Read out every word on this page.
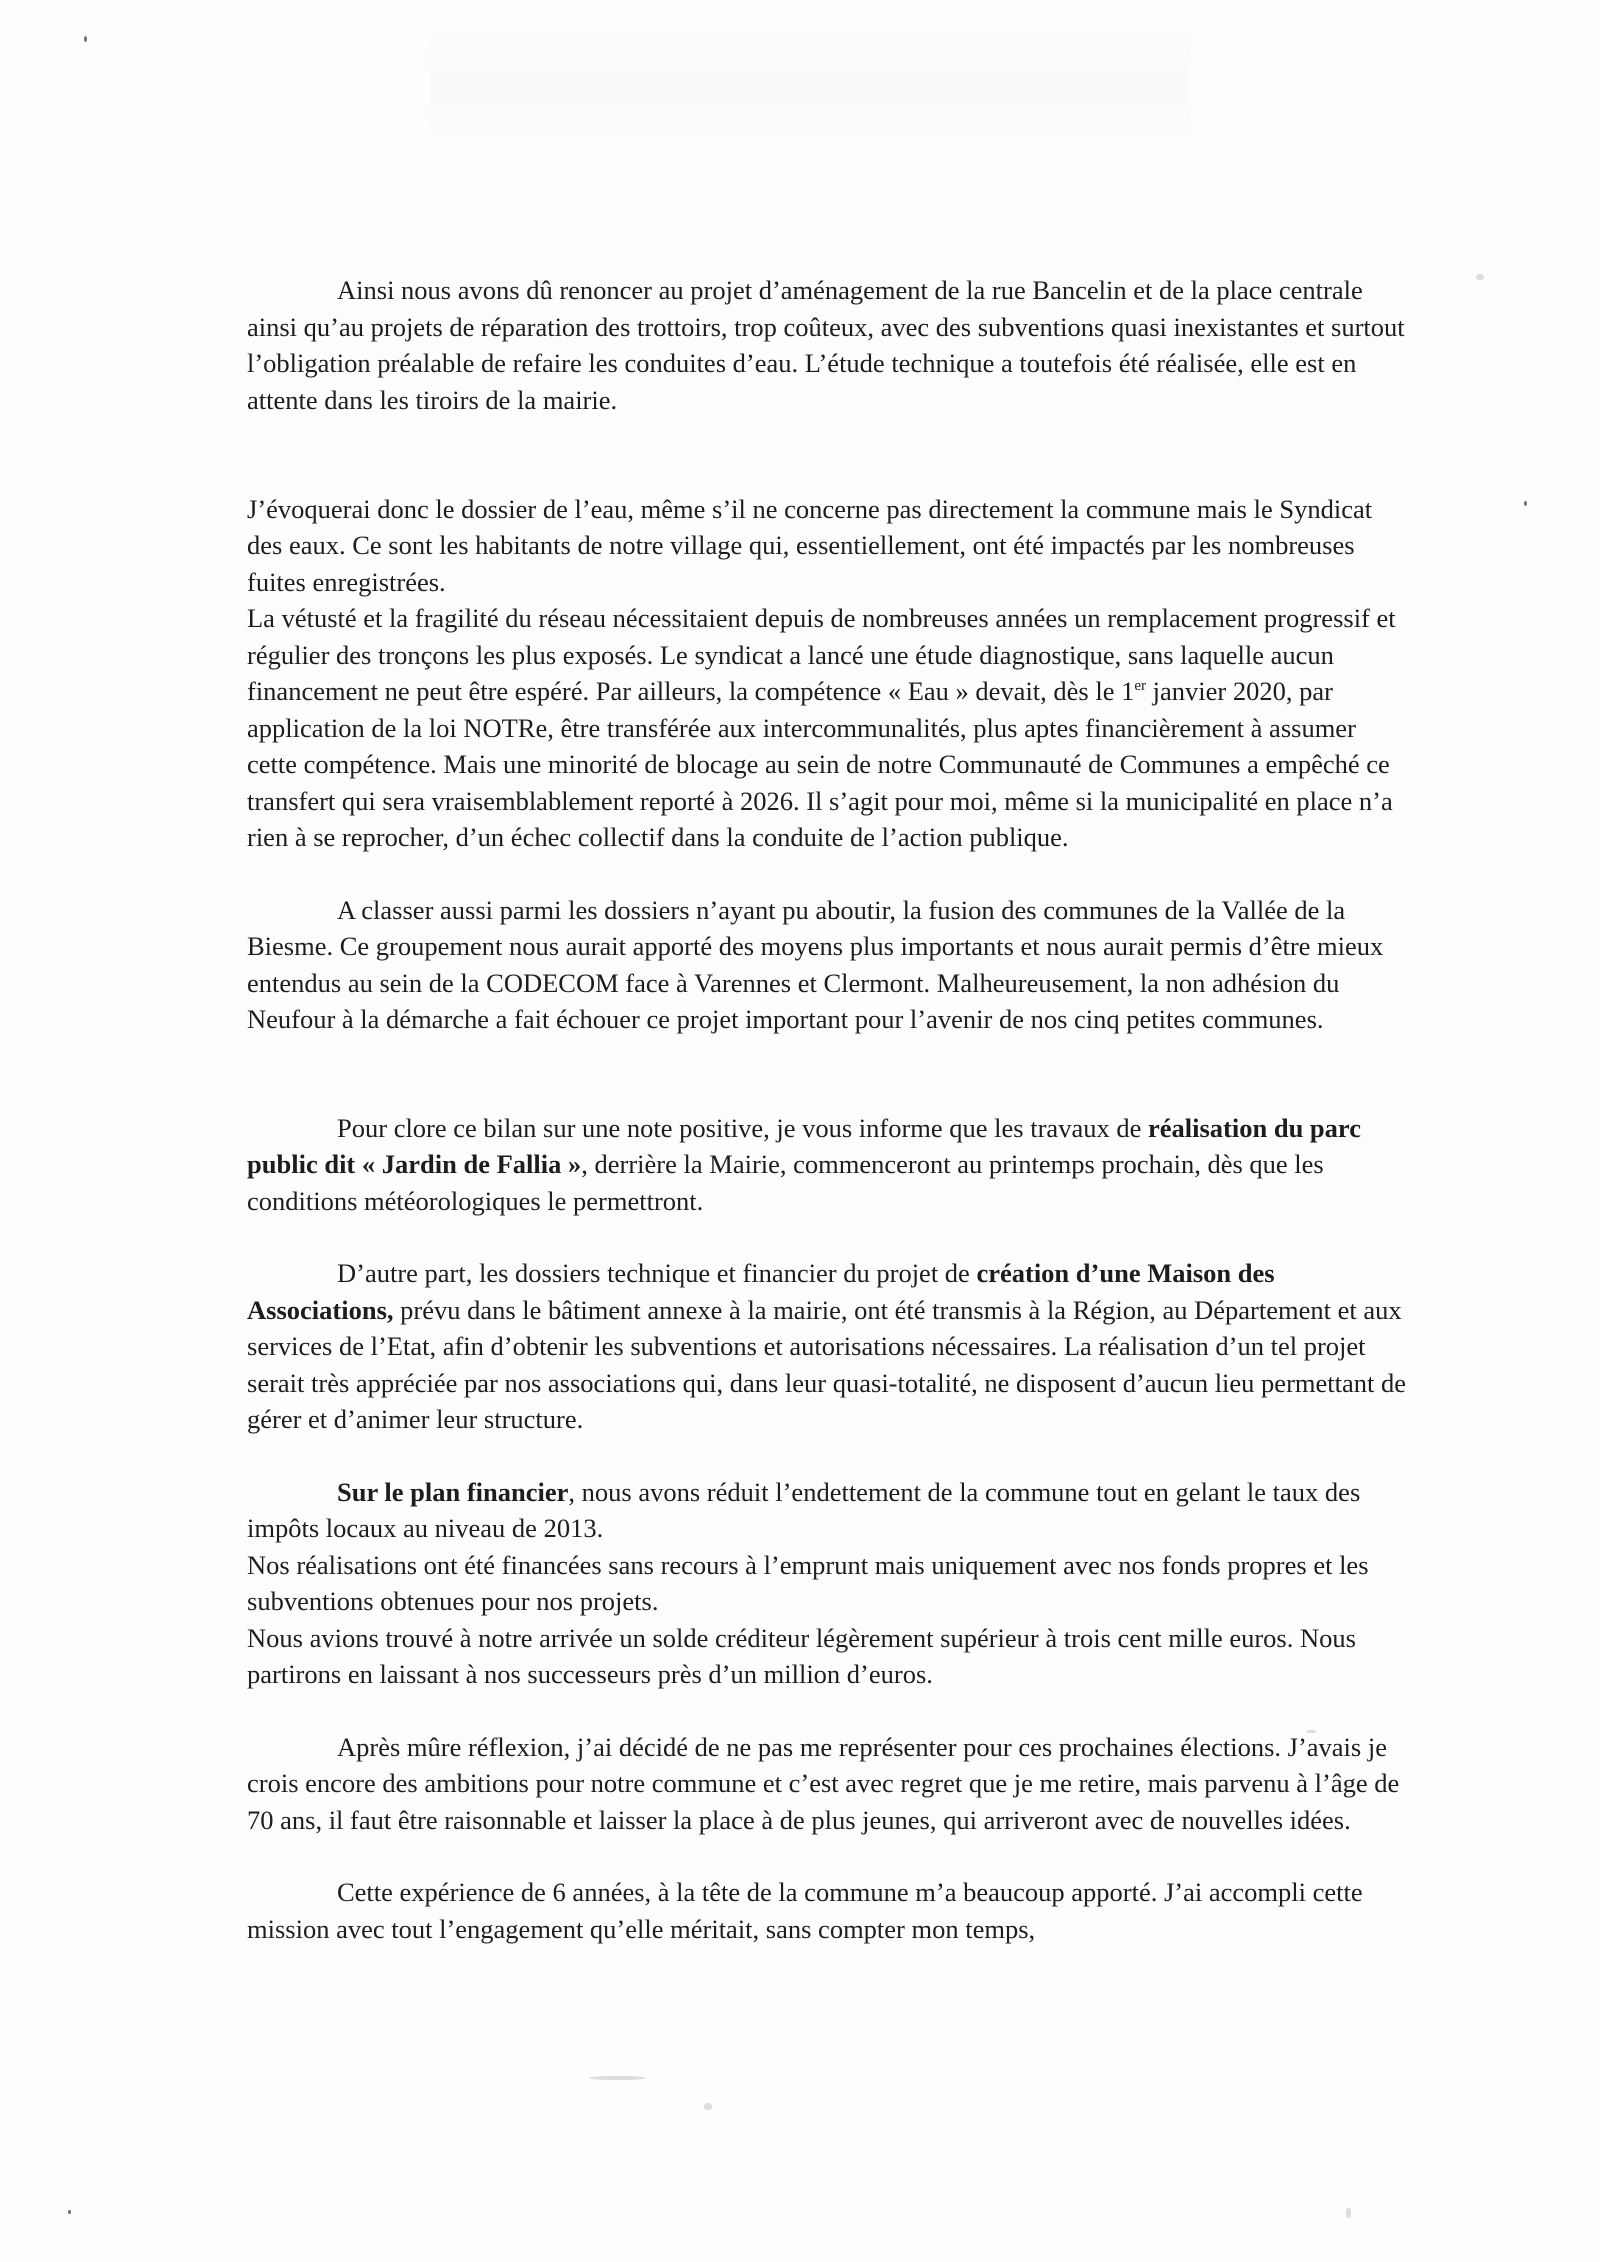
Ainsi nous avons dû renoncer au projet d’aménagement de la rue Bancelin et de la place centrale ainsi qu’au projets de réparation des trottoirs, trop coûteux, avec des subventions quasi inexistantes et surtout l’obligation préalable de refaire les conduites d’eau. L’étude technique a toutefois été réalisée, elle est en attente dans les tiroirs de la mairie.

J’évoquerai donc le dossier de l’eau, même s’il ne concerne pas directement la commune mais le Syndicat des eaux. Ce sont les habitants de notre village qui, essentiellement, ont été impactés par les nombreuses fuites enregistrées.

La vétusté et la fragilité du réseau nécessitaient depuis de nombreuses années un remplacement progressif et régulier des tronçons les plus exposés. Le syndicat a lancé une étude diagnostique, sans laquelle aucun financement ne peut être espéré. Par ailleurs, la compétence « Eau » devait, dès le 1er janvier 2020, par application de la loi NOTRe, être transférée aux intercommunalités, plus aptes financièrement à assumer cette compétence. Mais une minorité de blocage au sein de notre Communauté de Communes a empêché ce transfert qui sera vraisemblablement reporté à 2026. Il s’agit pour moi, même si la municipalité en place n’a rien à se reprocher, d’un échec collectif dans la conduite de l’action publique.

A classer aussi parmi les dossiers n’ayant pu aboutir, la fusion des communes de la Vallée de la Biesme. Ce groupement nous aurait apporté des moyens plus importants et nous aurait permis d’être mieux entendus au sein de la CODECOM face à Varennes et Clermont. Malheureusement, la non adhésion du Neufour à la démarche a fait échouer ce projet important pour l’avenir de nos cinq petites communes.

Pour clore ce bilan sur une note positive, je vous informe que les travaux de réalisation du parc public dit « Jardin de Fallia », derrière la Mairie, commenceront au printemps prochain, dès que les conditions météorologiques le permettront.
D’autre part, les dossiers technique et financier du projet de création d’une Maison des Associations, prévu dans le bâtiment annexe à la mairie, ont été transmis à la Région, au Département et aux services de l’Etat, afin d’obtenir les subventions et autorisations nécessaires. La réalisation d’un tel projet serait très appréciée par nos associations qui, dans leur quasi-totalité, ne disposent d’aucun lieu permettant de gérer et d’animer leur structure.
Sur le plan financier, nous avons réduit l’endettement de la commune tout en gelant le taux des impôts locaux au niveau de 2013.

Nos réalisations ont été financées sans recours à l’emprunt mais uniquement avec nos fonds propres et les subventions obtenues pour nos projets.

Nous avions trouvé à notre arrivée un solde créditeur légèrement supérieur à trois cent mille euros. Nous partirons en laissant à nos successeurs près d’un million d’euros.

Après mûre réflexion, j’ai décidé de ne pas me représenter pour ces prochaines élections. J’avais je crois encore des ambitions pour notre commune et c’est avec regret que je me retire, mais parvenu à l’âge de 70 ans, il faut être raisonnable et laisser la place à de plus jeunes, qui arriveront avec de nouvelles idées.

Cette expérience de 6 années, à la tête de la commune m’a beaucoup apporté. J’ai accompli cette mission avec tout l’engagement qu’elle méritait, sans compter mon temps,
